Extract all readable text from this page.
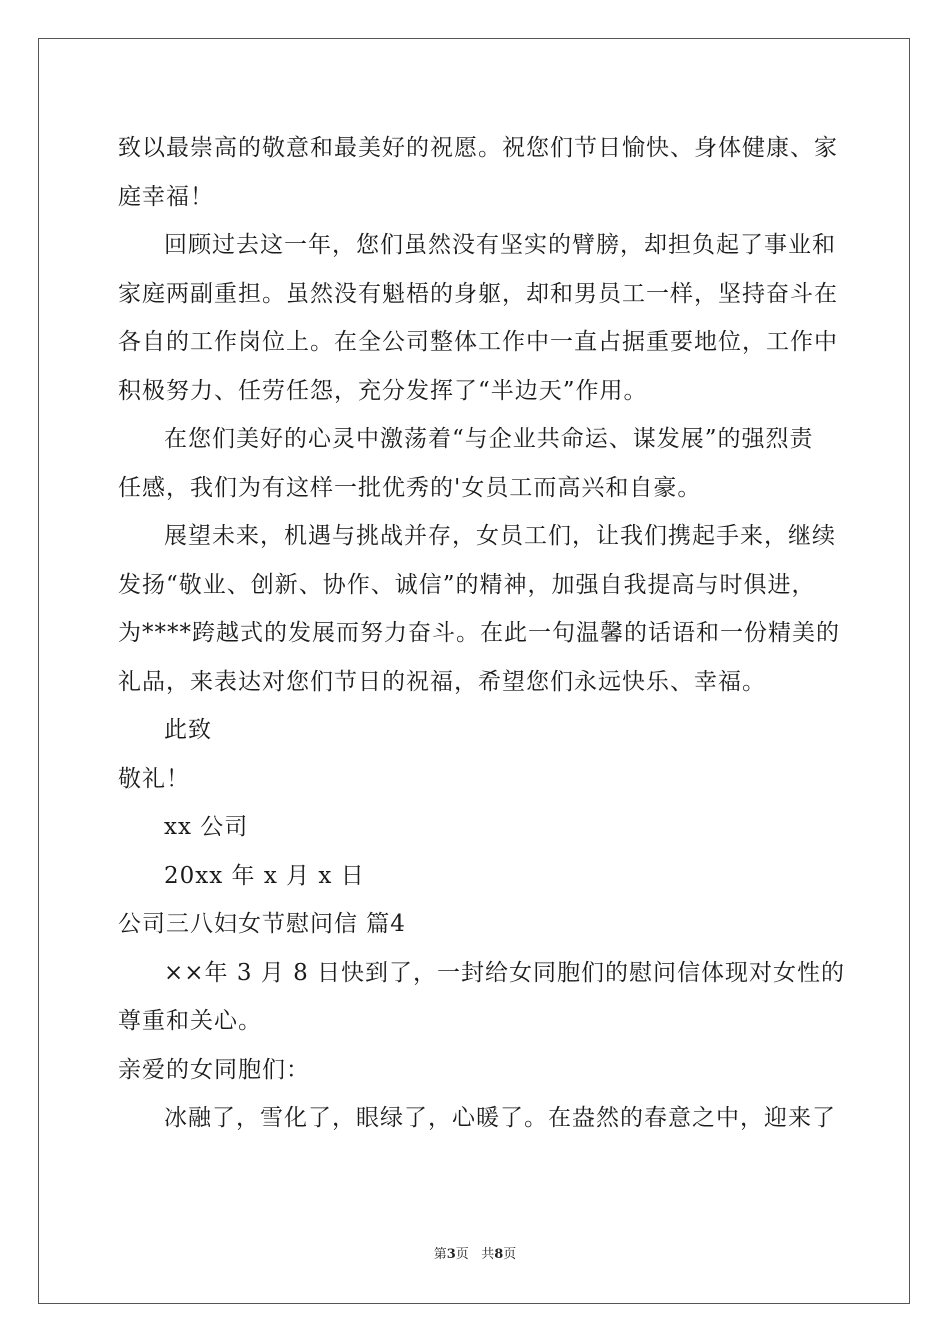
致以最崇高的敬意和最美好的祝愿。祝您们节日愉快、身体健康、家
庭幸福！
回顾过去这一年，您们虽然没有坚实的臂膀，却担负起了事业和
家庭两副重担。虽然没有魁梧的身躯，却和男员工一样，坚持奋斗在
各自的工作岗位上。在全公司整体工作中一直占据重要地位，工作中
积极努力、任劳任怨，充分发挥了“半边天”作用。
在您们美好的心灵中激荡着“与企业共命运、谋发展”的强烈责
任感，我们为有这样一批优秀的'女员工而高兴和自豪。
展望未来，机遇与挑战并存，女员工们，让我们携起手来，继续
发扬“敬业、创新、协作、诚信”的精神，加强自我提高与时俱进，
为****跨越式的发展而努力奋斗。在此一句温馨的话语和一份精美的
礼品，来表达对您们节日的祝福，希望您们永远快乐、幸福。
此致
敬礼！
xx 公司
20xx 年 x 月 x 日
公司三八妇女节慰问信 篇4
××年 3 月 8 日快到了，一封给女同胞们的慰问信体现对女性的
尊重和关心。
亲爱的女同胞们：
冰融了，雪化了，眼绿了，心暖了。在盎然的春意之中，迎来了
第3页 共8页
